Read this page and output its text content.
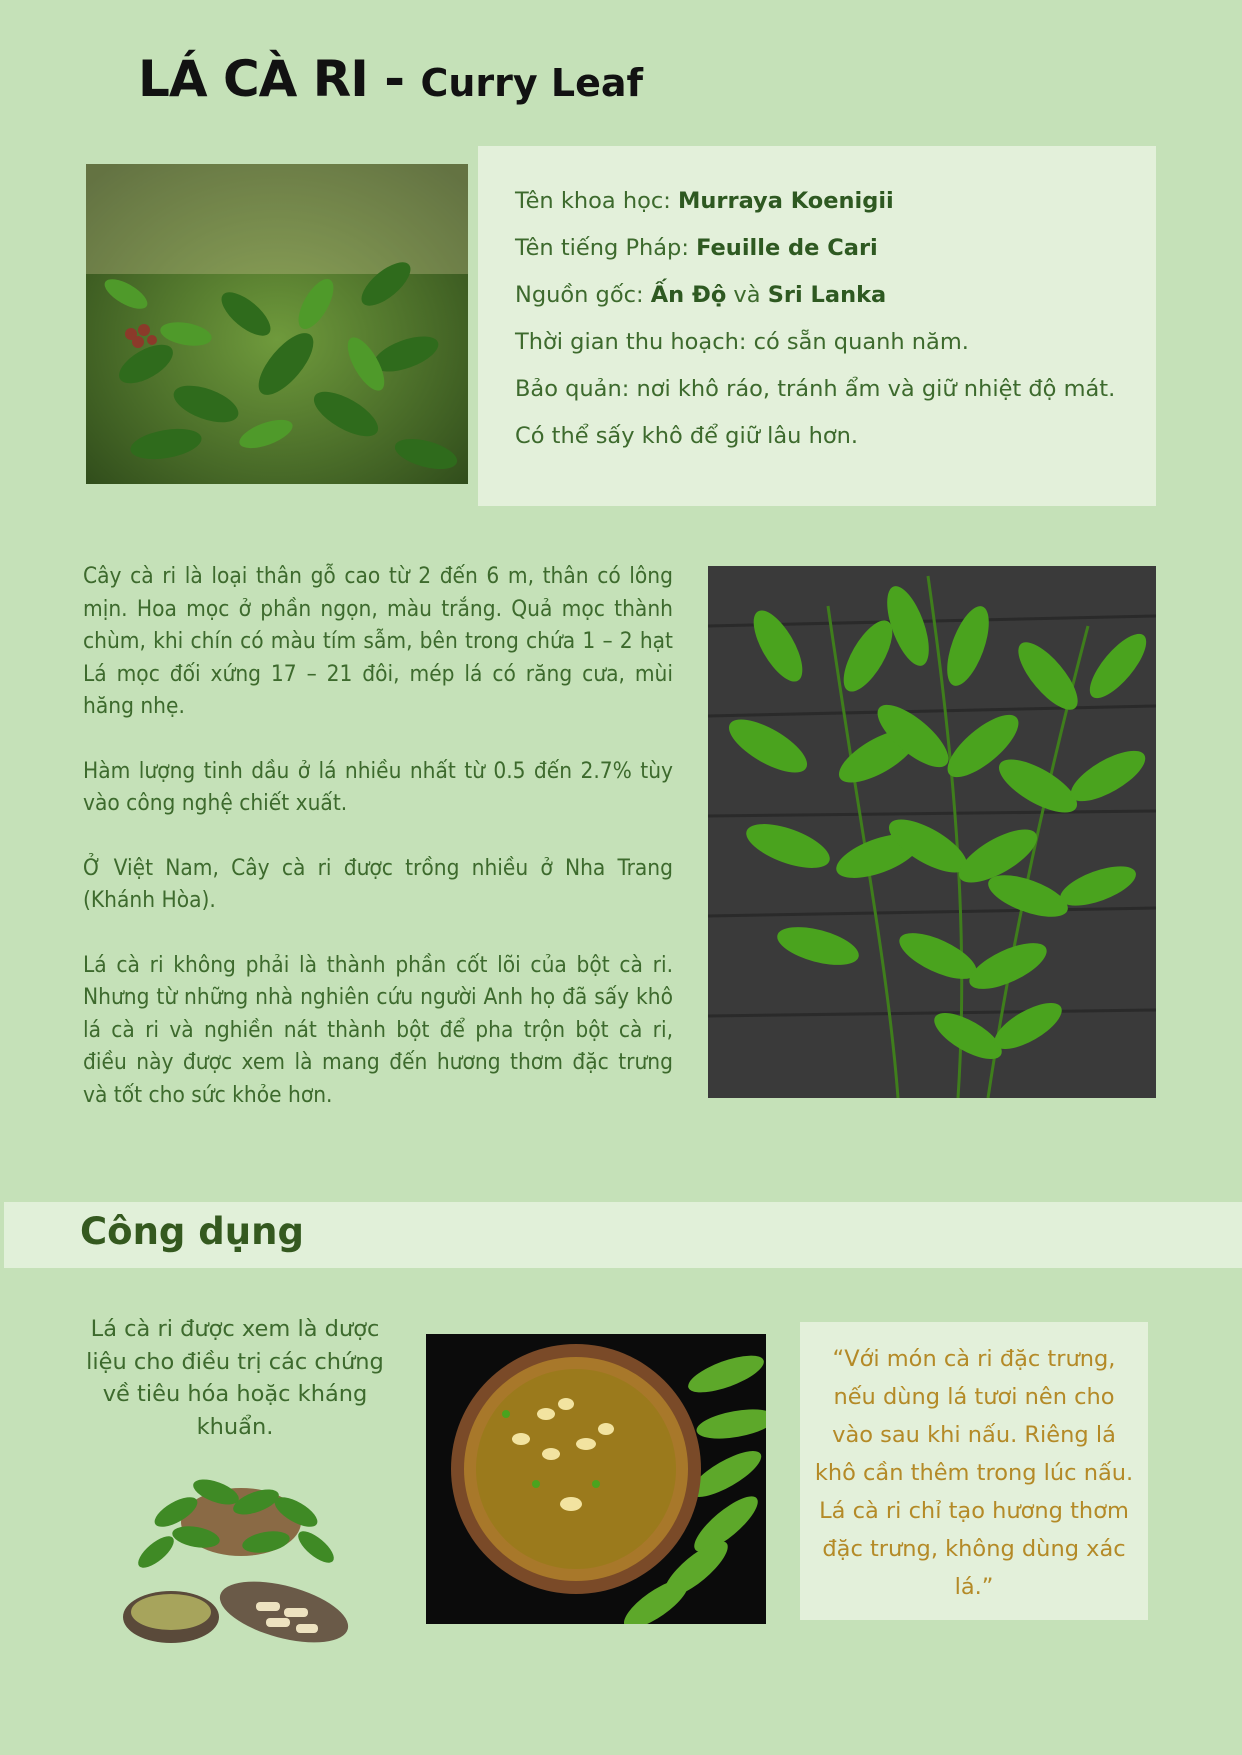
LÁ CÀ RI - Curry Leaf

Tên khoa học: Murraya Koenigii

Tên tiếng Pháp: Feuille de Cari

Nguồn gốc: Ấn Độ và Sri Lanka

Thời gian thu hoạch: có sẵn quanh năm.

Bảo quản: nơi khô ráo, tránh ẩm và giữ nhiệt độ mát.

Có thể sấy khô để giữ lâu hơn.

Cây cà ri là loại thân gỗ cao từ 2 đến 6 m, thân có lông mịn. Hoa mọc ở phần ngọn, màu trắng. Quả mọc thành chùm, khi chín có màu tím sẫm, bên trong chứa 1 – 2 hạt Lá mọc đối xứng 17 – 21 đôi, mép lá có răng cưa, mùi hăng nhẹ.

Hàm lượng tinh dầu ở lá nhiều nhất từ 0.5 đến 2.7% tùy vào công nghệ chiết xuất.

Ở Việt Nam, Cây cà ri được trồng nhiều ở Nha Trang (Khánh Hòa).

Lá cà ri không phải là thành phần cốt lõi của bột cà ri. Nhưng từ những nhà nghiên cứu người Anh họ đã sấy khô lá cà ri và nghiền nát thành bột để pha trộn bột cà ri, điều này được xem là mang đến hương thơm đặc trưng và tốt cho sức khỏe hơn.

Công dụng

Lá cà ri được xem là dược liệu cho điều trị các chứng về tiêu hóa hoặc kháng khuẩn.

“Với món cà ri đặc trưng, nếu dùng lá tươi nên cho vào sau khi nấu. Riêng lá khô cần thêm trong lúc nấu. Lá cà ri chỉ tạo hương thơm đặc trưng, không dùng xác lá.”
